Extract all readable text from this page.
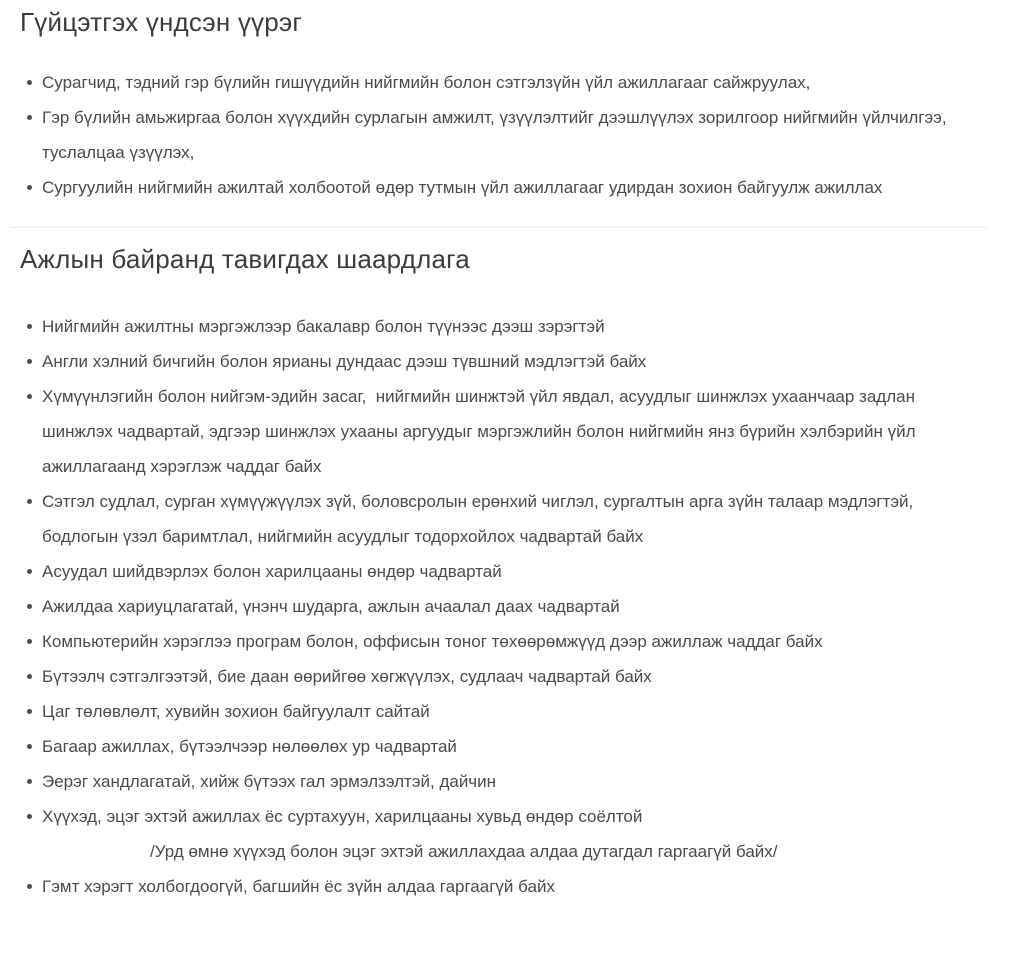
Гүйцэтгэх үндсэн үүрэг
Сурагчид, тэдний гэр бүлийн гишүүдийн нийгмийн болон сэтгэлзүйн үйл ажиллагааг сайжруулах,
Гэр бүлийн амьжиргаа болон хүүхдийн сурлагын амжилт, үзүүлэлтийг дээшлүүлэх зорилгоор нийгмийн үйлчилгээ, туслалцаа үзүүлэх,
Сургуулийн нийгмийн ажилтай холбоотой өдөр тутмын үйл ажиллагааг удирдан зохион байгуулж ажиллах
Ажлын байранд тавигдах шаардлага
Нийгмийн ажилтны мэргэжлээр бакалавр болон түүнээс дээш зэрэгтэй
Англи хэлний бичгийн болон ярианы дундаас дээш түвшний мэдлэгтэй байх
Хүмүүнлэгийн болон нийгэм-эдийн засаг,  нийгмийн шинжтэй үйл явдал, асуудлыг шинжлэх ухаанчаар задлан шинжлэх чадвартай, эдгээр шинжлэх ухааны аргуудыг мэргэжлийн болон нийгмийн янз бүрийн хэлбэрийн үйл ажиллагаанд хэрэглэж чаддаг байх
Сэтгэл судлал, сурган хүмүүжүүлэх зүй, боловсролын ерөнхий чиглэл, сургалтын арга зүйн талаар мэдлэгтэй, бодлогын үзэл баримтлал, нийгмийн асуудлыг тодорхойлох чадвартай байх
Асуудал шийдвэрлэх болон харилцааны өндөр чадвартай
Ажилдаа хариуцлагатай, үнэнч шударга, ажлын ачаалал даах чадвартай
Компьютерийн хэрэглээ програм болон, оффисын тоног төхөөрөмжүүд дээр ажиллаж чаддаг байх
Бүтээлч сэтгэлгээтэй, бие даан өөрийгөө хөгжүүлэх, судлаач чадвартай байх
Цаг төлөвлөлт, хувийн зохион байгуулалт сайтай
Багаар ажиллах, бүтээлчээр нөлөөлөх ур чадвартай
Эерэг хандлагатай, хийж бүтээх гал эрмэлзэлтэй, дайчин
Хүүхэд, эцэг эхтэй ажиллах ёс суртахуун, харилцааны хувьд өндөр соёлтой
/Урд өмнө хүүхэд болон эцэг эхтэй ажиллахдаа алдаа дутагдал гаргаагүй байх/
Гэмт хэрэгт холбогдоогүй, багшийн ёс зүйн алдаа гаргаагүй байх
